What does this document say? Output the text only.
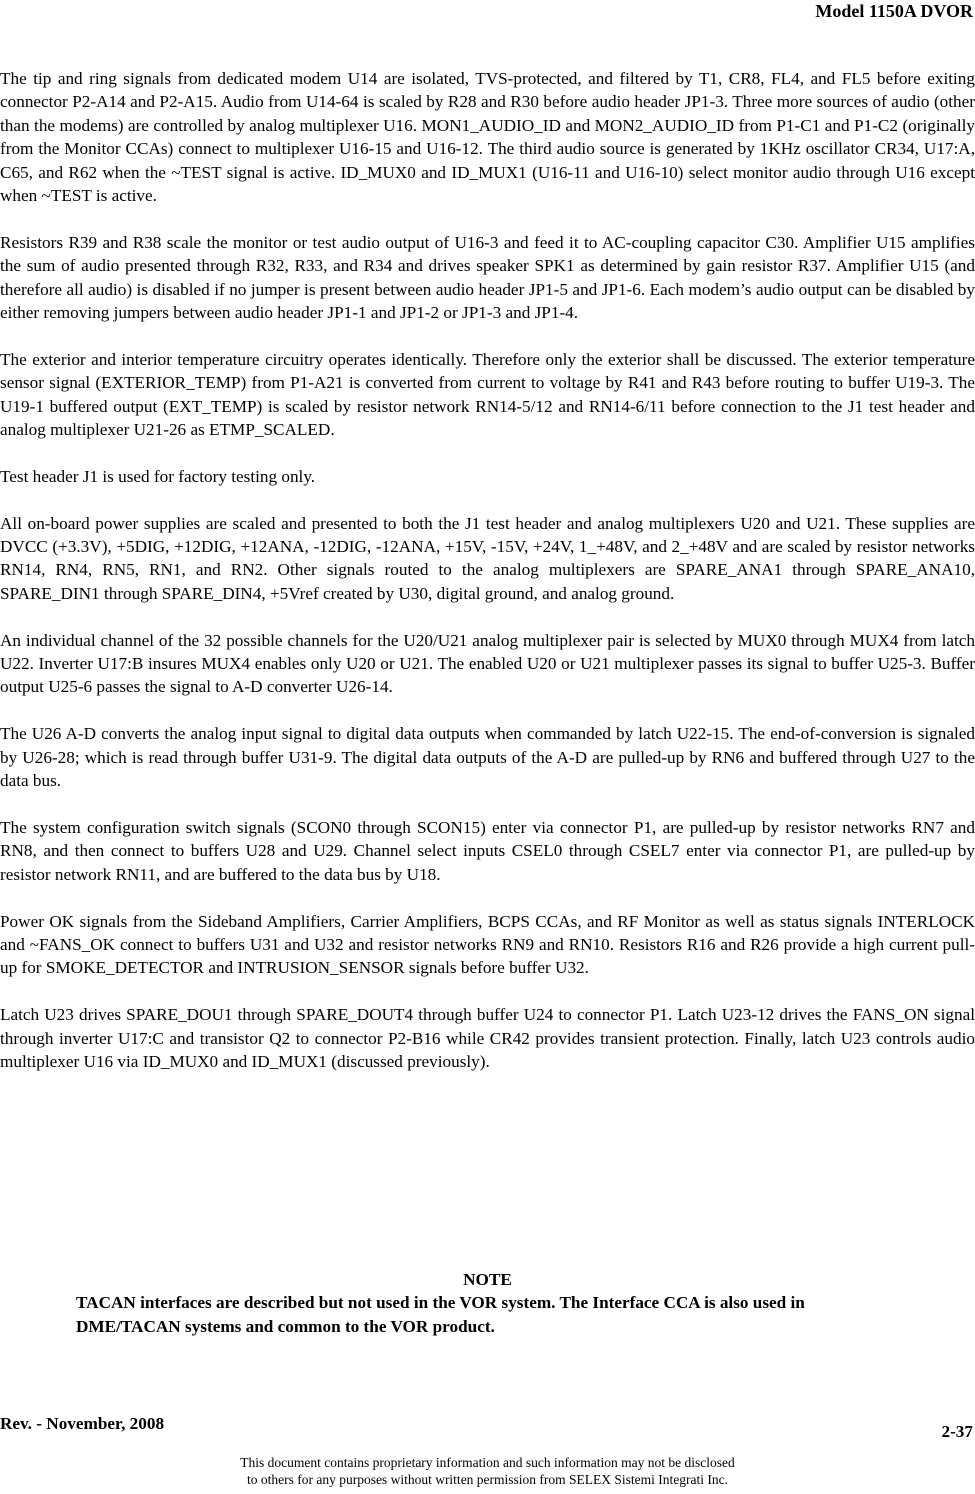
Model 1150A DVOR

The tip and ring signals from dedicated modem U14 are isolated, TVS-protected, and filtered by T1, CR8, FL4, and FL5 before exiting connector P2-A14 and P2-A15. Audio from U14-64 is scaled by R28 and R30 before audio header JP1-3. Three more sources of audio (other than the modems) are controlled by analog multiplexer U16. MON1_AUDIO_ID and MON2_AUDIO_ID from P1-C1 and P1-C2 (originally from the Monitor CCAs) connect to multiplexer U16-15 and U16-12. The third audio source is generated by 1KHz oscillator CR34, U17:A, C65, and R62 when the ~TEST signal is active. ID_MUX0 and ID_MUX1 (U16-11 and U16-10) select monitor audio through U16 except when ~TEST is active.

Resistors R39 and R38 scale the monitor or test audio output of U16-3 and feed it to AC-coupling capacitor C30. Amplifier U15 amplifies the sum of audio presented through R32, R33, and R34 and drives speaker SPK1 as determined by gain resistor R37. Amplifier U15 (and therefore all audio) is disabled if no jumper is present between audio header JP1-5 and JP1-6. Each modem’s audio output can be disabled by either removing jumpers between audio header JP1-1 and JP1-2 or JP1-3 and JP1-4.

The exterior and interior temperature circuitry operates identically. Therefore only the exterior shall be discussed. The exterior temperature sensor signal (EXTERIOR_TEMP) from P1-A21 is converted from current to voltage by R41 and R43 before routing to buffer U19-3. The U19-1 buffered output (EXT_TEMP) is scaled by resistor network RN14-5/12 and RN14-6/11 before connection to the J1 test header and analog multiplexer U21-26 as ETMP_SCALED.

Test header J1 is used for factory testing only.

All on-board power supplies are scaled and presented to both the J1 test header and analog multiplexers U20 and U21. These supplies are DVCC (+3.3V), +5DIG, +12DIG, +12ANA, -12DIG, -12ANA, +15V, -15V, +24V, 1_+48V, and 2_+48V and are scaled by resistor networks RN14, RN4, RN5, RN1, and RN2. Other signals routed to the analog multiplexers are SPARE_ANA1 through SPARE_ANA10, SPARE_DIN1 through SPARE_DIN4, +5Vref created by U30, digital ground, and analog ground.

An individual channel of the 32 possible channels for the U20/U21 analog multiplexer pair is selected by MUX0 through MUX4 from latch U22. Inverter U17:B insures MUX4 enables only U20 or U21. The enabled U20 or U21 multiplexer passes its signal to buffer U25-3. Buffer output U25-6 passes the signal to A-D converter U26-14.

The U26 A-D converts the analog input signal to digital data outputs when commanded by latch U22-15. The end-of-conversion is signaled by U26-28; which is read through buffer U31-9. The digital data outputs of the A-D are pulled-up by RN6 and buffered through U27 to the data bus.

The system configuration switch signals (SCON0 through SCON15) enter via connector P1, are pulled-up by resistor networks RN7 and RN8, and then connect to buffers U28 and U29. Channel select inputs CSEL0 through CSEL7 enter via connector P1, are pulled-up by resistor network RN11, and are buffered to the data bus by U18.

Power OK signals from the Sideband Amplifiers, Carrier Amplifiers, BCPS CCAs, and RF Monitor as well as status signals INTERLOCK and ~FANS_OK connect to buffers U31 and U32 and resistor networks RN9 and RN10. Resistors R16 and R26 provide a high current pull-up for SMOKE_DETECTOR and INTRUSION_SENSOR signals before buffer U32.

Latch U23 drives SPARE_DOU1 through SPARE_DOUT4 through buffer U24 to connector P1. Latch U23-12 drives the FANS_ON signal through inverter U17:C and transistor Q2 to connector P2-B16 while CR42 provides transient protection. Finally, latch U23 controls audio multiplexer U16 via ID_MUX0 and ID_MUX1 (discussed previously).

NOTE

TACAN interfaces are described but not used in the VOR system. The Interface CCA is also used in DME/TACAN systems and common to the VOR product.

Rev. - November, 2008	2-37
This document contains proprietary information and such information may not be disclosed
to others for any purposes without written permission from SELEX Sistemi Integrati Inc.
